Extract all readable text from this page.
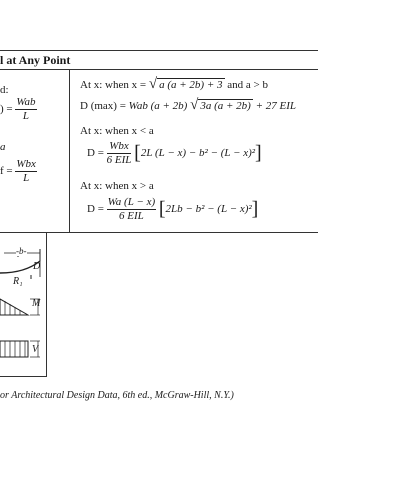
l at Any Point
d:
) = $\frac{\text{Wab}}{L}$
a
$f = \frac{\text{Wbx}}{L}$
At x: when x = √ a (a + 2b) + 3 and a > b
D (max) = Wab (a + 2b) √ 3a (a + 2b) + 27 EIL
At x: when x < a
$D = \frac{\text{Wbx}}{\text{6 EIL}} [2L$ (L − x) − b² − (L − x)²]
At x: when x > a
$D = \frac{Wa (L - x)}{\text{6 EIL}} [2Lb - b^2 - (L - x)^2]$
-b-
D
R₁
M
V
or Architectural Design Data, 6th ed., McGraw-Hill, N.Y.)
